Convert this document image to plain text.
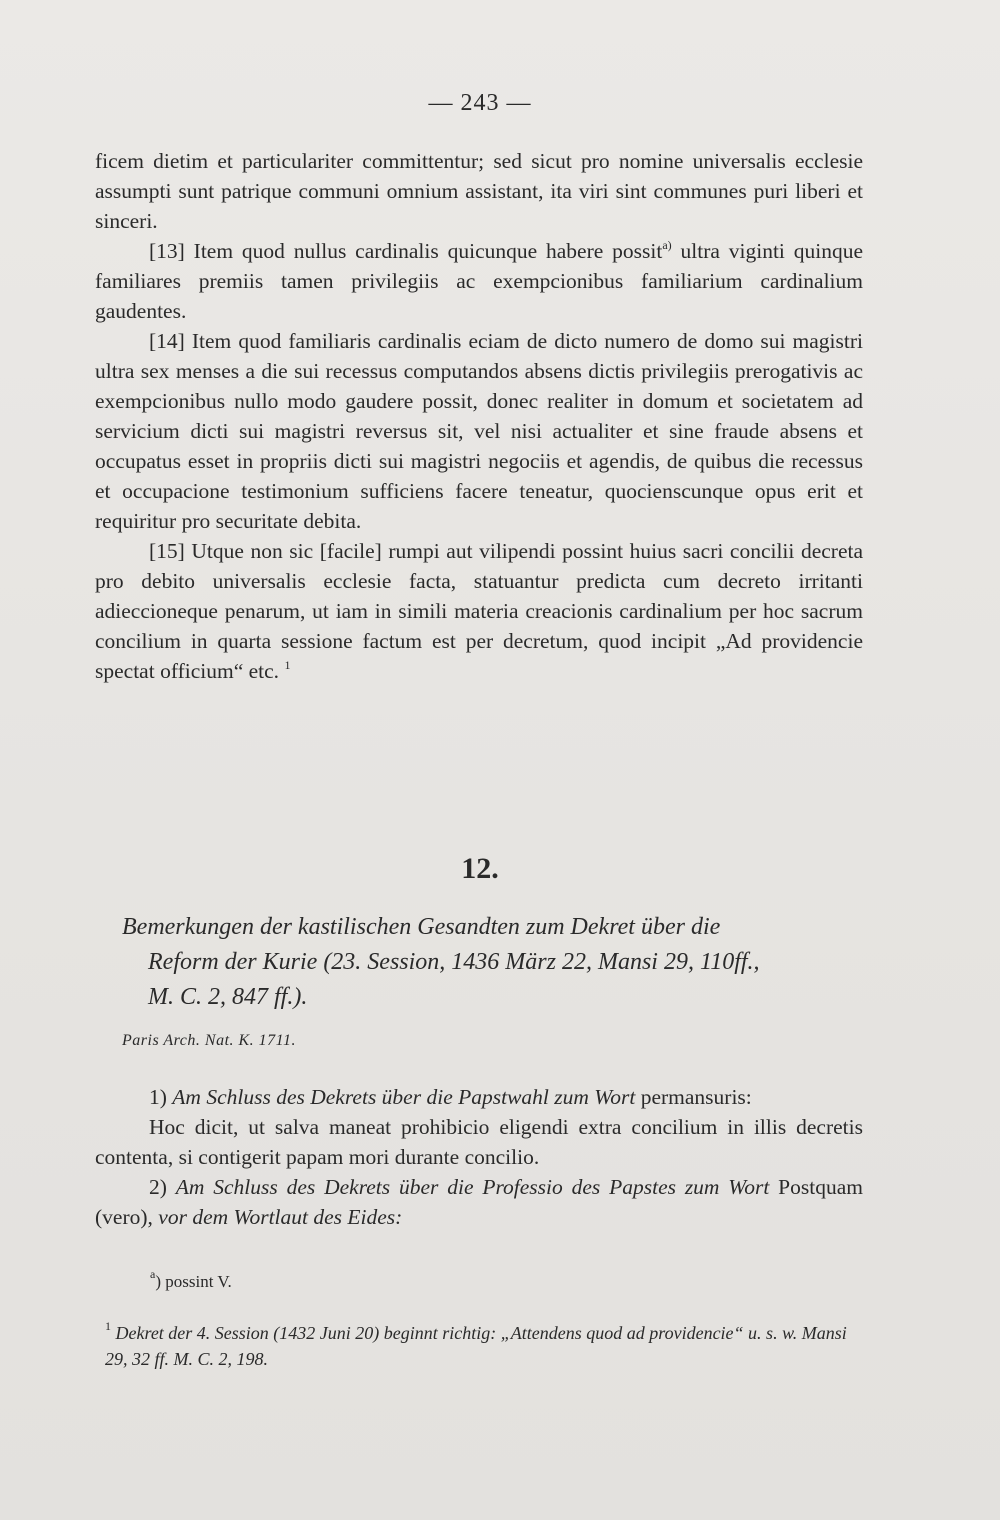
— 243 —

ficem dietim et particulariter committentur; sed sicut pro nomine universalis ecclesie assumpti sunt patrique communi omnium assistant, ita viri sint communes puri liberi et sinceri.

[13] Item quod nullus cardinalis quicunque habere possit$^{a)}$ ultra viginti quinque familiares premiis tamen privilegiis ac exempcionibus familiarium cardinalium gaudentes.

[14] Item quod familiaris cardinalis eciam de dicto numero de domo sui magistri ultra sex menses a die sui recessus computandos absens dictis privilegiis prerogativis ac exempcionibus nullo modo gaudere possit, donec realiter in domum et societatem ad servicium dicti sui magistri reversus sit, vel nisi actualiter et sine fraude absens et occupatus esset in propriis dicti sui magistri negociis et agendis, de quibus die recessus et occupacione testimonium sufficiens facere teneatur, quocienscunque opus erit et requiritur pro securitate debita.

[15] Utque non sic [facile] rumpi aut vilipendi possint huius sacri concilii decreta pro debito universalis ecclesie facta, statuantur predicta cum decreto irritanti adieccioneque penarum, ut iam in simili materia creacionis cardinalium per hoc sacrum concilium in quarta sessione factum est per decretum, quod incipit „Ad providencie spectat officium“ etc. $^1$

12.
Bemerkungen der kastilischen Gesandten zum Dekret über die
Reform der Kurie (23. Session, 1436 März 22, Mansi 29, 110ff.,
M. C. 2, 847 ff.).
Paris Arch. Nat. K. 1711.

1) Am Schluss des Dekrets über die Papstwahl zum Wort permansuris:

Hoc dicit, ut salva maneat prohibicio eligendi extra concilium in illis decretis contenta, si contigerit papam mori durante concilio.

2) Am Schluss des Dekrets über die Professio des Papstes zum Wort Postquam (vero), vor dem Wortlaut des Eides:

$^a$) possint V.
$^1$ Dekret der 4. Session (1432 Juni 20) beginnt richtig: „Attendens quod ad providencie“ u. s. w. Mansi 29, 32 ff. M. C. 2, 198.
